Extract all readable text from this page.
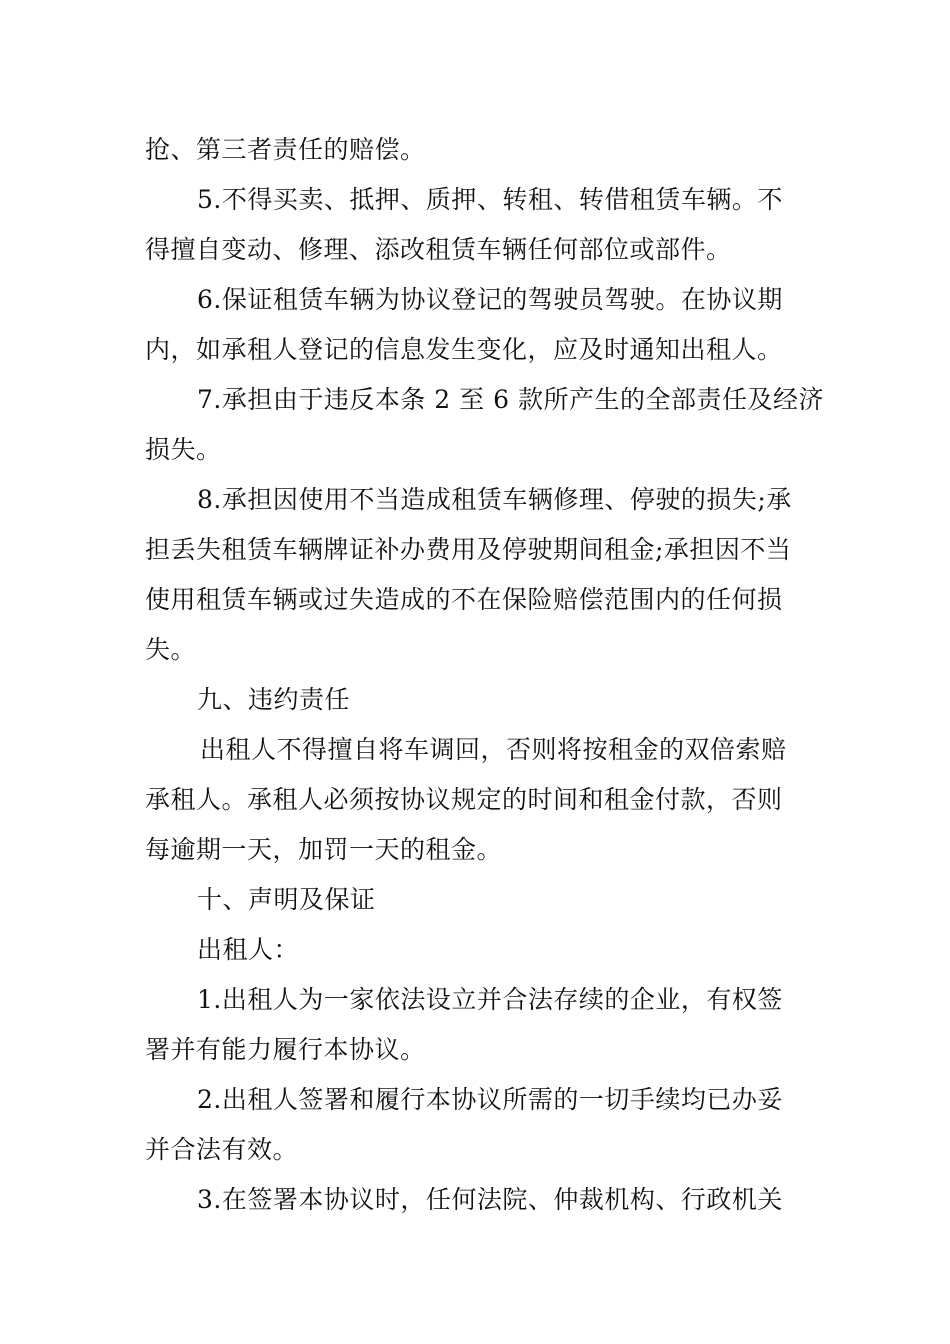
抢、第三者责任的赔偿。
5.不得买卖、抵押、质押、转租、转借租赁车辆。不
得擅自变动、修理、添改租赁车辆任何部位或部件。
6.保证租赁车辆为协议登记的驾驶员驾驶。在协议期
内，如承租人登记的信息发生变化，应及时通知出租人。
7.承担由于违反本条 2 至 6 款所产生的全部责任及经济
损失。
8.承担因使用不当造成租赁车辆修理、停驶的损失;承
担丢失租赁车辆牌证补办费用及停驶期间租金;承担因不当
使用租赁车辆或过失造成的不在保险赔偿范围内的任何损
失。
九、违约责任
出租人不得擅自将车调回，否则将按租金的双倍索赔
承租人。承租人必须按协议规定的时间和租金付款，否则
每逾期一天，加罚一天的租金。
十、声明及保证
出租人：
1.出租人为一家依法设立并合法存续的企业，有权签
署并有能力履行本协议。
2.出租人签署和履行本协议所需的一切手续均已办妥
并合法有效。
3.在签署本协议时，任何法院、仲裁机构、行政机关
